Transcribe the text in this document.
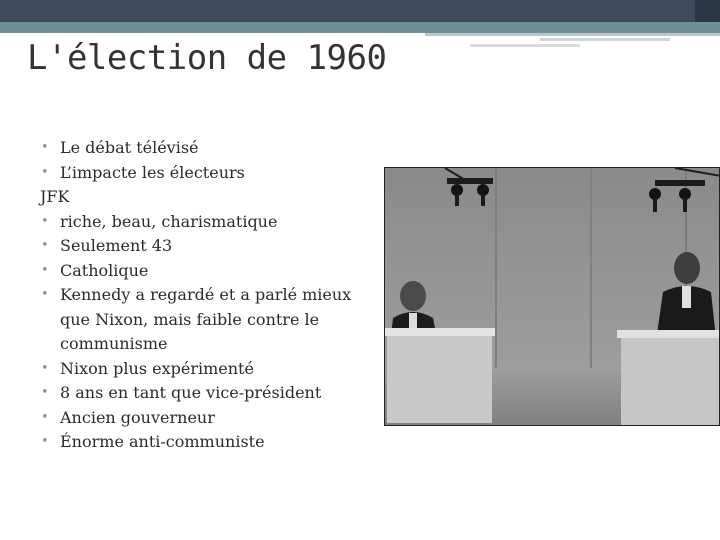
L'élection de 1960
• Le débat télévisé
• L’impacte les électeurs
JFK
• riche, beau, charismatique
• Seulement 43
• Catholique
• Kennedy a regardé et a parlé mieux que Nixon, mais faible contre le communisme
• Nixon plus expérimenté
• 8 ans en tant que vice-président
• Ancien gouverneur
• Énorme anti-communiste
